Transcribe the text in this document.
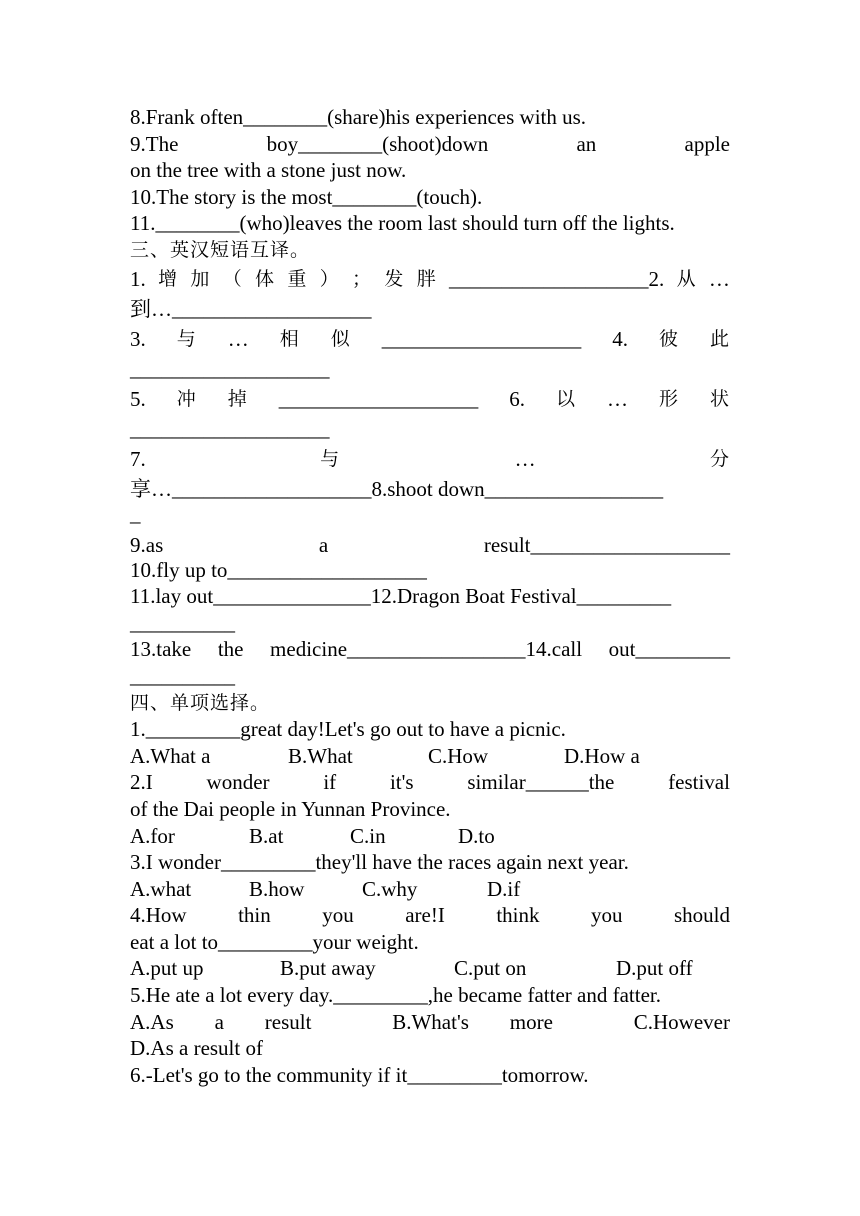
8.Frank often________(share)his experiences with us.
9.The	boy________(shoot)down	an	apple
on the tree with a stone just now.
10.The story is the most________(touch).
11.________(who)leaves the room last should turn off the lights.
三、英汉短语互译。
1. 增 加 （ 体 重 ） ； 发 胖 ___________________2. 从 …
到…___________________
3. 与 … 相 似 ___________________ 4. 彼 此
___________________
5. 冲 掉 ___________________ 6. 以 … 形 状
___________________
7.	与	…	分
享…___________________8.shoot down_________________
_
9.as	a	result___________________
10.fly up to___________________
11.lay out_______________12.Dragon Boat Festival_________
__________
13.take the medicine_________________14.call out_________
__________
四、单项选择。
1._________great day!Let's go out to have a picnic.
A.What a	B.What	C.How	D.How a
2.I	wonder	if	it's	similar______the	festival
of the Dai people in Yunnan Province.
A.for	B.at	C.in	D.to
3.I wonder_________they'll have the races again next year.
A.what	B.how	C.why	D.if
4.How thin you are!I think you should
eat a lot to_________your weight.
A.put up	B.put away	C.put on	D.put off
5.He ate a lot every day._________,he became fatter and fatter.
A.As a result	B.What's more	C.However
D.As a result of
6.-Let's go to the community if it_________tomorrow.
